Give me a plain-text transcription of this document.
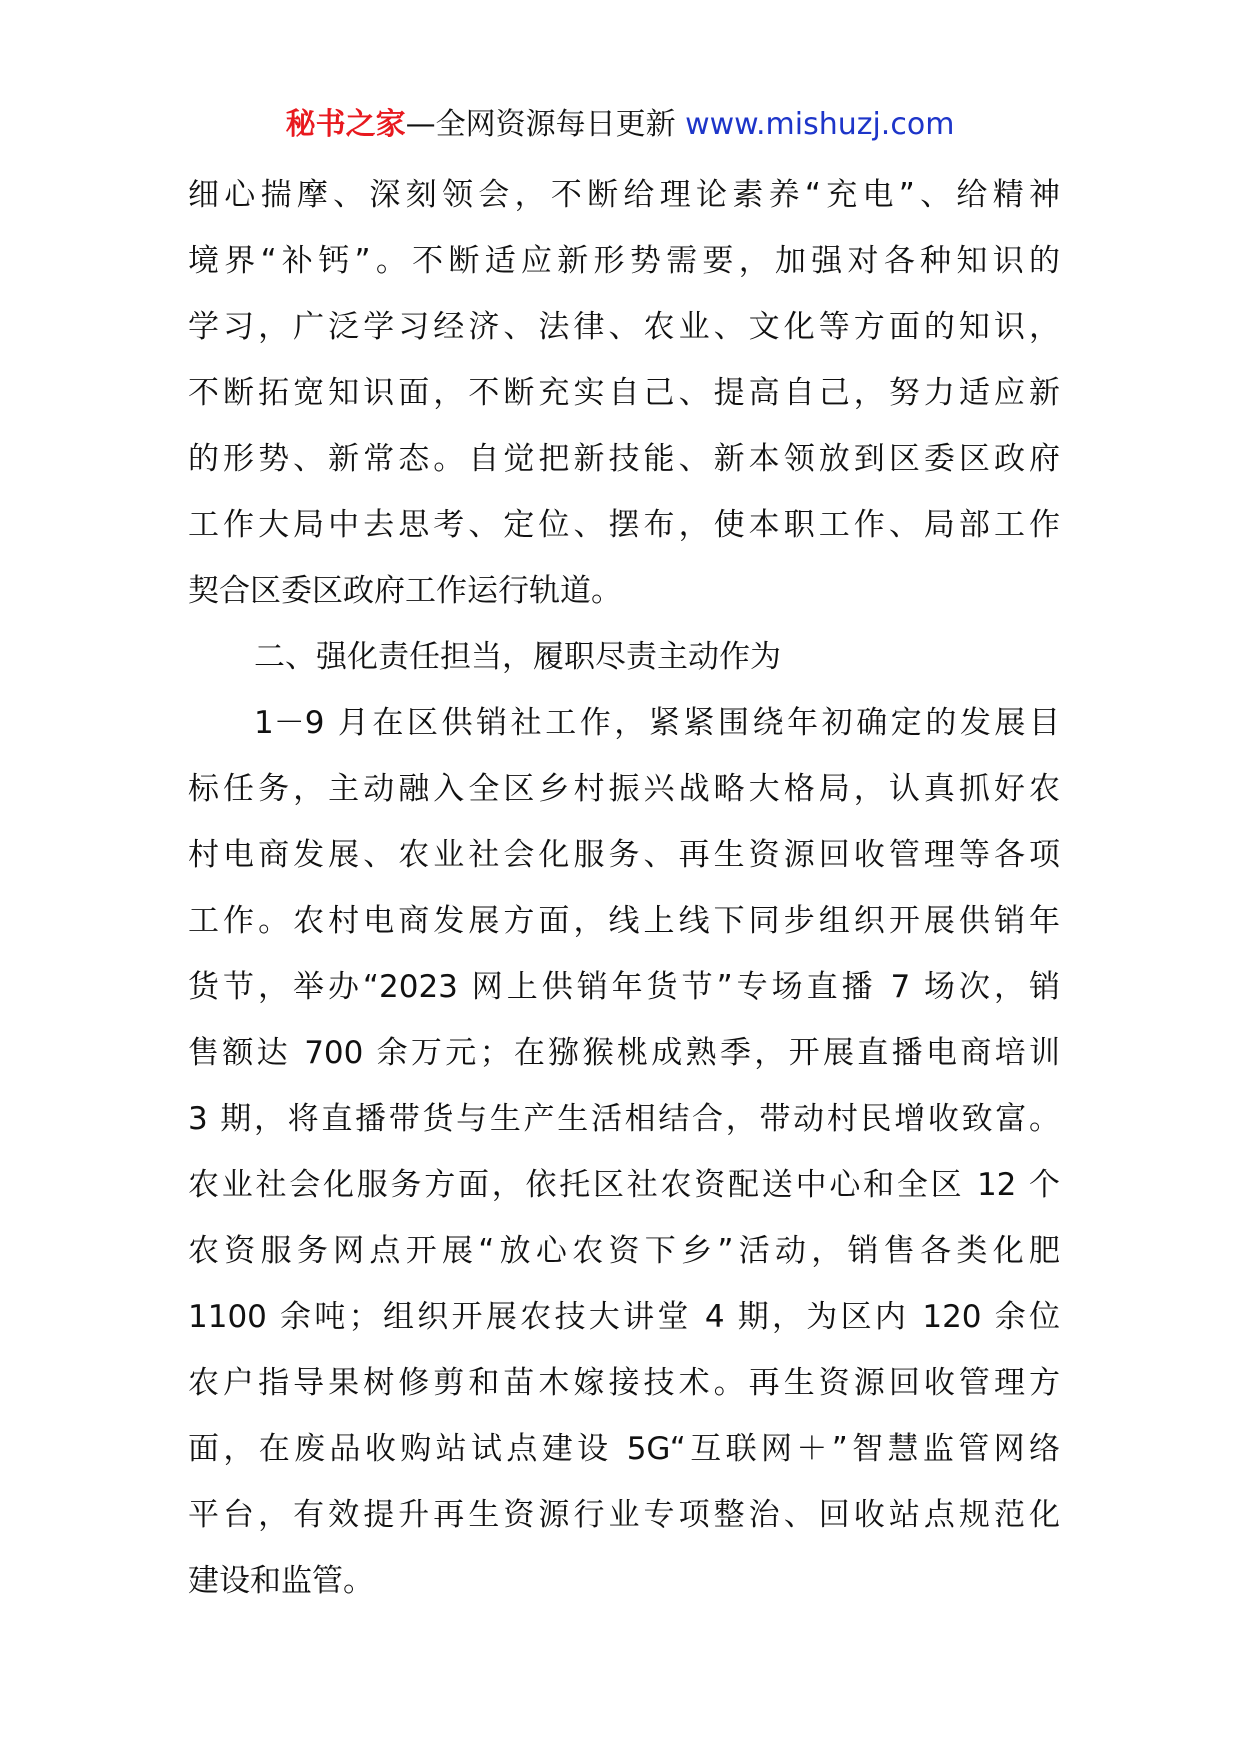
秘书之家—全网资源每日更新 www.mishuzj.com
细心揣摩、深刻领会，不断给理论素养“充电”、给精神
境界“补钙”。不断适应新形势需要，加强对各种知识的
学习，广泛学习经济、法律、农业、文化等方面的知识，
不断拓宽知识面，不断充实自己、提高自己，努力适应新
的形势、新常态。自觉把新技能、新本领放到区委区政府
工作大局中去思考、定位、摆布，使本职工作、局部工作
契合区委区政府工作运行轨道。
二、强化责任担当，履职尽责主动作为
1－9 月在区供销社工作，紧紧围绕年初确定的发展目
标任务，主动融入全区乡村振兴战略大格局，认真抓好农
村电商发展、农业社会化服务、再生资源回收管理等各项
工作。农村电商发展方面，线上线下同步组织开展供销年
货节，举办“2023 网上供销年货节”专场直播 7 场次，销
售额达 700 余万元；在猕猴桃成熟季，开展直播电商培训
3 期，将直播带货与生产生活相结合，带动村民增收致富。
农业社会化服务方面，依托区社农资配送中心和全区 12 个
农资服务网点开展“放心农资下乡”活动，销售各类化肥
1100 余吨；组织开展农技大讲堂 4 期，为区内 120 余位
农户指导果树修剪和苗木嫁接技术。再生资源回收管理方
面，在废品收购站试点建设 5G“互联网＋”智慧监管网络
平台，有效提升再生资源行业专项整治、回收站点规范化
建设和监管。
